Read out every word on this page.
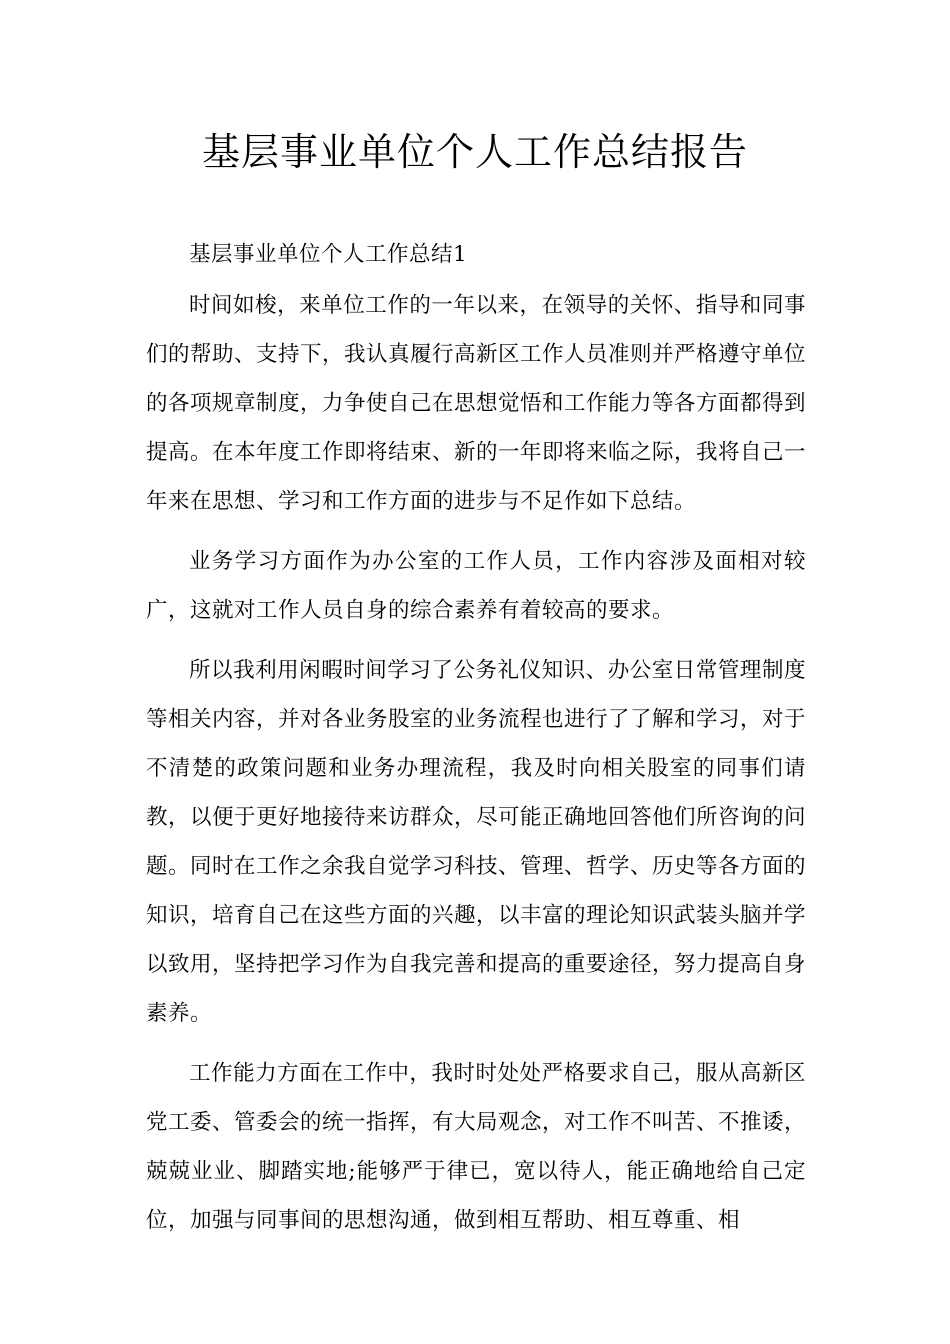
基层事业单位个人工作总结报告

基层事业单位个人工作总结1

时间如梭，来单位工作的一年以来，在领导的关怀、指导和同事们的帮助、支持下，我认真履行高新区工作人员准则并严格遵守单位的各项规章制度，力争使自己在思想觉悟和工作能力等各方面都得到提高。在本年度工作即将结束、新的一年即将来临之际，我将自己一年来在思想、学习和工作方面的进步与不足作如下总结。

业务学习方面作为办公室的工作人员，工作内容涉及面相对较广，这就对工作人员自身的综合素养有着较高的要求。

所以我利用闲暇时间学习了公务礼仪知识、办公室日常管理制度等相关内容，并对各业务股室的业务流程也进行了了解和学习，对于不清楚的政策问题和业务办理流程，我及时向相关股室的同事们请教，以便于更好地接待来访群众，尽可能正确地回答他们所咨询的问题。同时在工作之余我自觉学习科技、管理、哲学、历史等各方面的知识，培育自己在这些方面的兴趣，以丰富的理论知识武装头脑并学以致用，坚持把学习作为自我完善和提高的重要途径，努力提高自身素养。

工作能力方面在工作中，我时时处处严格要求自己，服从高新区党工委、管委会的统一指挥，有大局观念，对工作不叫苦、不推诿，兢兢业业、脚踏实地;能够严于律已，宽以待人，能正确地给自己定位，加强与同事间的思想沟通，做到相互帮助、相互尊重、相
